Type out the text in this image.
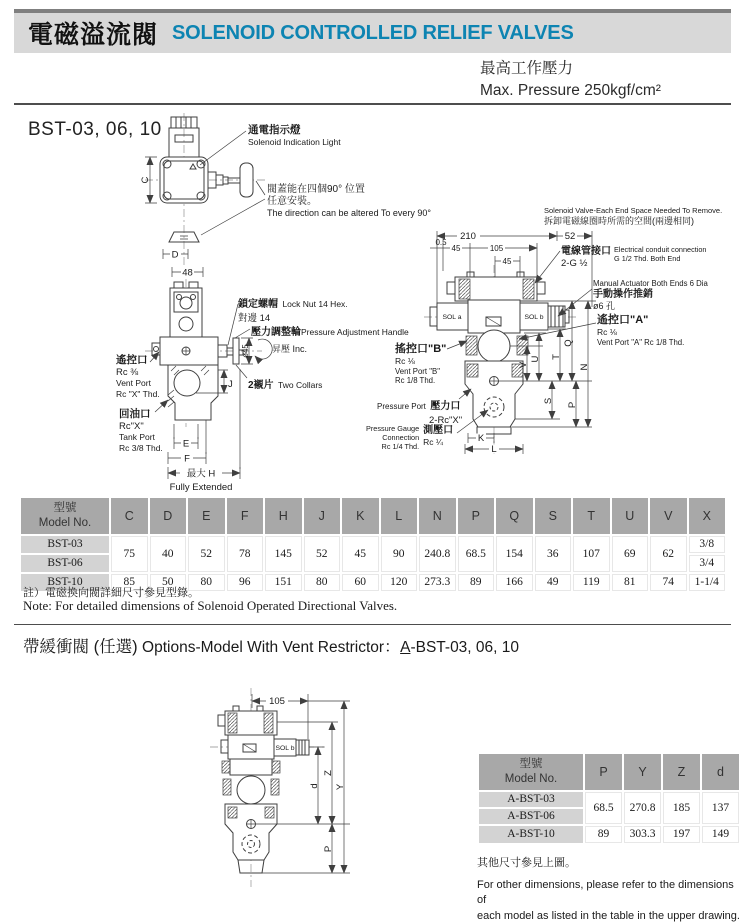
電磁溢流閥 SOLENOID CONTROLLED RELIEF VALVES
最高工作壓力
Max. Pressure 250kgf/cm²
C
D
48
ø45
J
E
F
最大 H
Fully Extended
210	52
0.5
45	105
45
SOL a	SOL b
V
U T
Q
N
S
P
K
L
BST-03, 06, 10	通電指示燈
Solenoid Indication Light
閥蓋能在四個90° 位置
任意安裝。
The direction can be altered To every 90°
鎖定螺帽 Lock Nut 14 Hex.
對邊 14
壓力調整輪Pressure Adjustment Handle
昇壓 Inc.
2襯片 Two Collars
遙控口
Rc ⅜
Vent Port
Rc "X" Thd.
回油口
Rc"X"
Tank Port
Rc 3/8 Thd.
Solenoid Valve-Each End Space Needed To Remove.
拆卸電磁線圈時所需的空間(兩邊相同)
電線管接口
2-G ½
Electrical conduit connection
G 1/2 Thd. Both End
Manual Actuator Both Ends 6 Dia
手動操作推銷
ø6 孔
遙控口"A"
Rc ⅛
Vent Port "A" Rc 1/8 Thd.
搖控口"B"
Rc ⅛
Vent Port "B"
Rc 1/8 Thd.
Pressure Port 壓力口
2-Rc"X"
Pressure Gauge
Connection
Rc 1/4 Thd.
測壓口
Rc ¼
型號
Model No.	C	D	E	F	H	J	K	L	N	P	Q	S	T	U	V	X
BST-03	75	40	52	78	145	52	45	90	240.8	68.5	154	36	107	69	62	3/8
BST-06																3/4
BST-10	85	50	80	96	151	80	60	120	273.3	89	166	49	119	81	74	1-1/4
註）電磁換向閥詳細尺寸參見型錄。
Note: For detailed dimensions of Solenoid Operated Directional Valves.
帶緩衝閥 (任選) Options-Model With Vent Restrictor：A-BST-03, 06, 10
105
SOL b
Z
d Y
P
型號
Model No.	P	Y	Z	d
A-BST-03	68.5	270.8	185	137
A-BST-06				
A-BST-10	89	303.3	197	149
其他尺寸參見上圖。
For other dimensions, please refer to the dimensions of
each model as listed in the table in the upper drawing.
